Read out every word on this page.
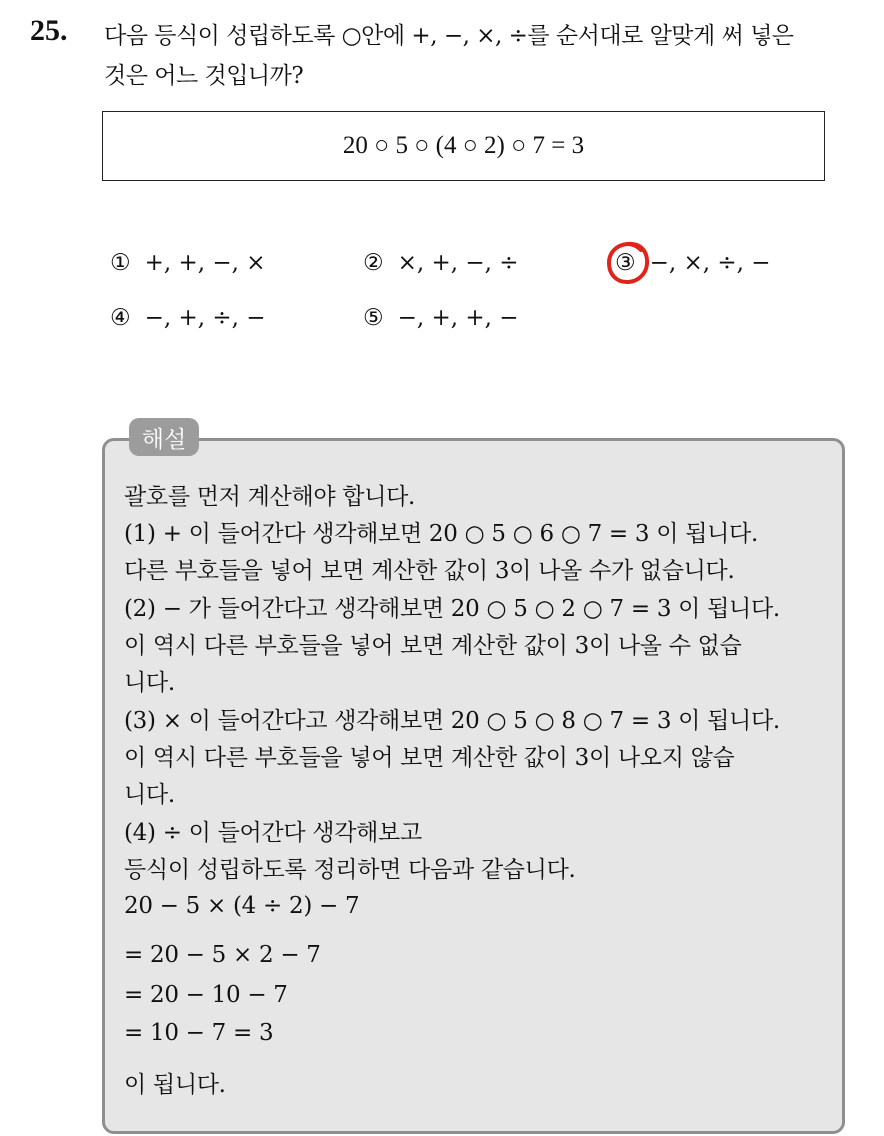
25. 다음 등식이 성립하도록 ○안에 +, −, ×, ÷를 순서대로 알맞게 써 넣은
것은 어느 것입니까?
20 ○ 5 ○ (4 ○ 2) ○ 7 = 3
① +, +, −, ×	② ×, +, −, ÷	③ −, ×, ÷, −
④ −, +, ÷, −	⑤ −, +, +, −
해설
괄호를 먼저 계산해야 합니다.
(1) + 이 들어간다 생각해보면 20 ○ 5 ○ 6 ○ 7 = 3 이 됩니다.
다른 부호들을 넣어 보면 계산한 값이 3이 나올 수가 없습니다.
(2) − 가 들어간다고 생각해보면 20 ○ 5 ○ 2 ○ 7 = 3 이 됩니다.
이 역시 다른 부호들을 넣어 보면 계산한 값이 3이 나올 수 없습
니다.
(3) × 이 들어간다고 생각해보면 20 ○ 5 ○ 8 ○ 7 = 3 이 됩니다.
이 역시 다른 부호들을 넣어 보면 계산한 값이 3이 나오지 않습
니다.
(4) ÷ 이 들어간다 생각해보고
등식이 성립하도록 정리하면 다음과 같습니다.
20 − 5 × (4 ÷ 2) − 7
= 20 − 5 × 2 − 7
= 20 − 10 − 7
= 10 − 7 = 3
이 됩니다.
